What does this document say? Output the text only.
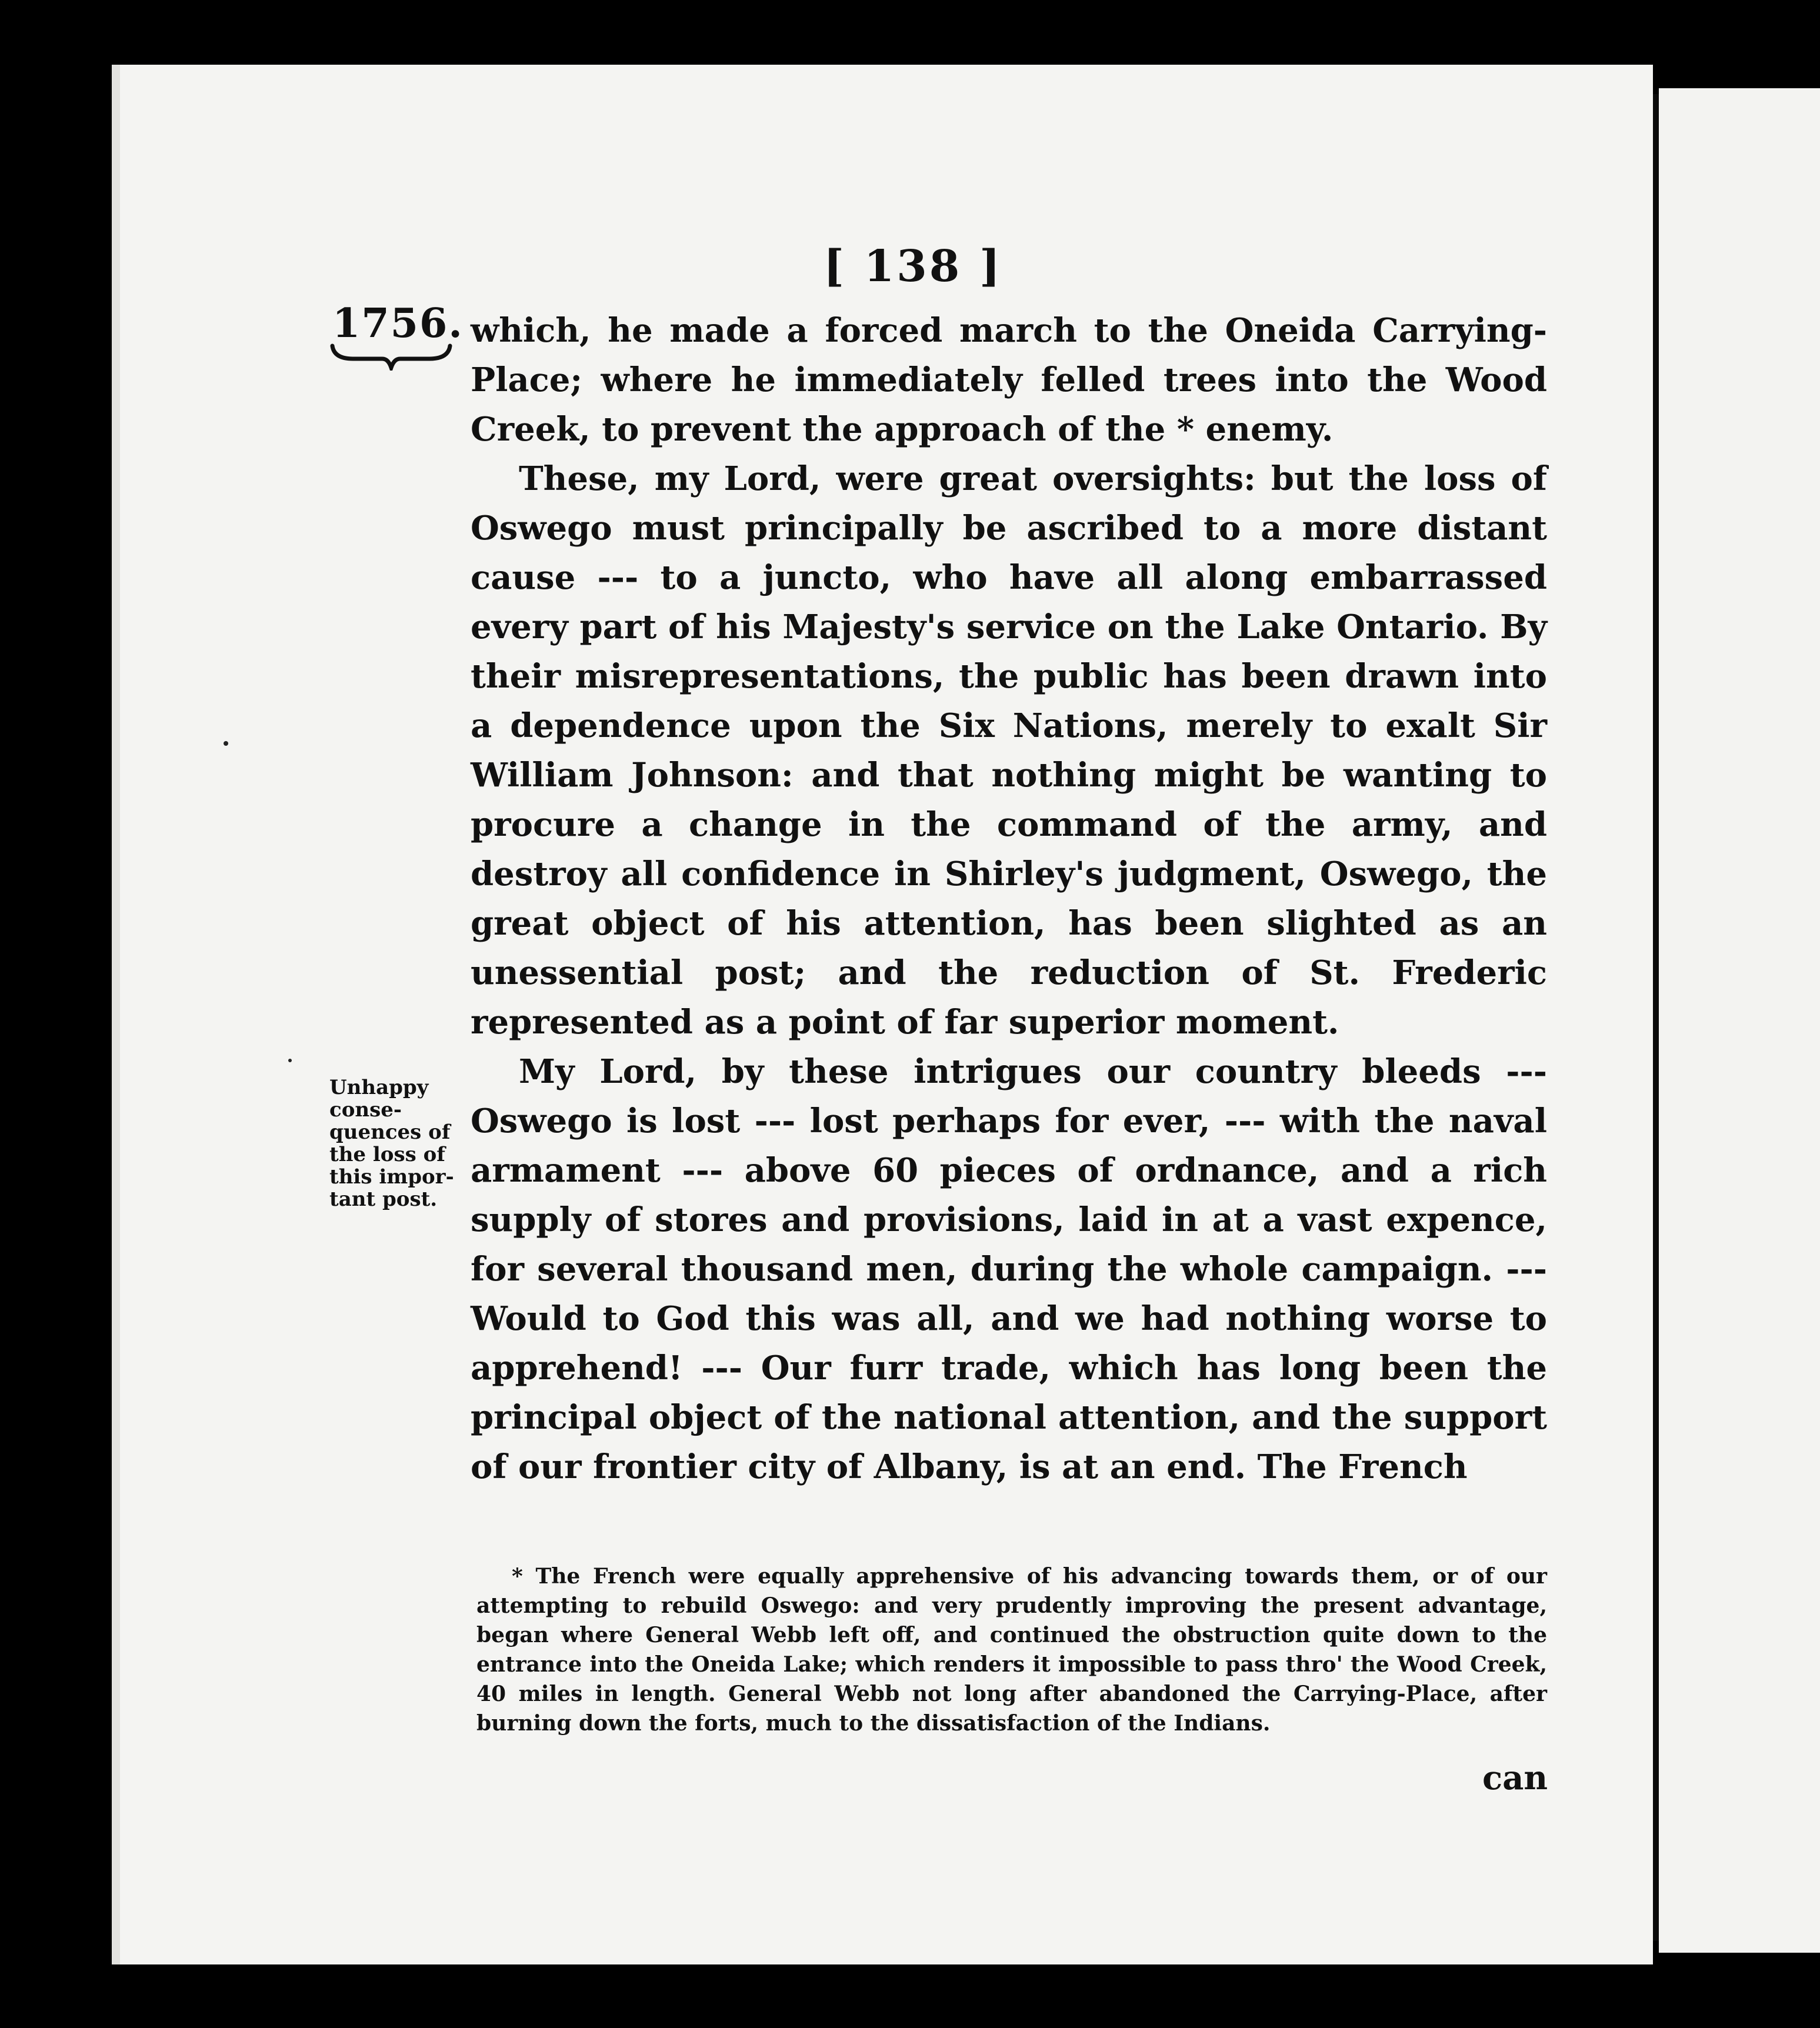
[ 138 ]
1756. which, he made a forced march to the Oneida Carrying-Place; where he immediately felled trees into the Wood Creek, to prevent the approach of the * enemy.

These, my Lord, were great oversights: but the loss of Oswego must principally be ascribed to a more distant cause --- to a juncto, who have all along embarrassed every part of his Majesty's service on the Lake Ontario. By their misrepresentations, the public has been drawn into a dependence upon the Six Nations, merely to exalt Sir William Johnson: and that nothing might be wanting to procure a change in the command of the army, and destroy all confidence in Shirley's judgment, Oswego, the great object of his attention, has been slighted as an unessential post; and the reduction of St. Frederic represented as a point of far superior moment.

My Lord, by these intrigues our country bleeds --- Oswego is lost --- lost perhaps for ever, --- with the naval armament --- above 60 pieces of ordnance, and a rich supply of stores and provisions, laid in at a vast expence, for several thousand men, during the whole campaign. --- Would to God this was all, and we had nothing worse to apprehend! --- Our furr trade, which has long been the principal object of the national attention, and the support of our frontier city of Albany, is at an end. The French

Unhappy
conse-
quences of
the loss of
this impor-
tant post.

* The French were equally apprehensive of his advancing towards them, or of our attempting to rebuild Oswego: and very prudently improving the present advantage, began where General Webb left off, and continued the obstruction quite down to the entrance into the Oneida Lake; which renders it impossible to pass thro' the Wood Creek, 40 miles in length. General Webb not long after abandoned the Carrying-Place, after burning down the forts, much to the dissatisfaction of the Indians.

can
